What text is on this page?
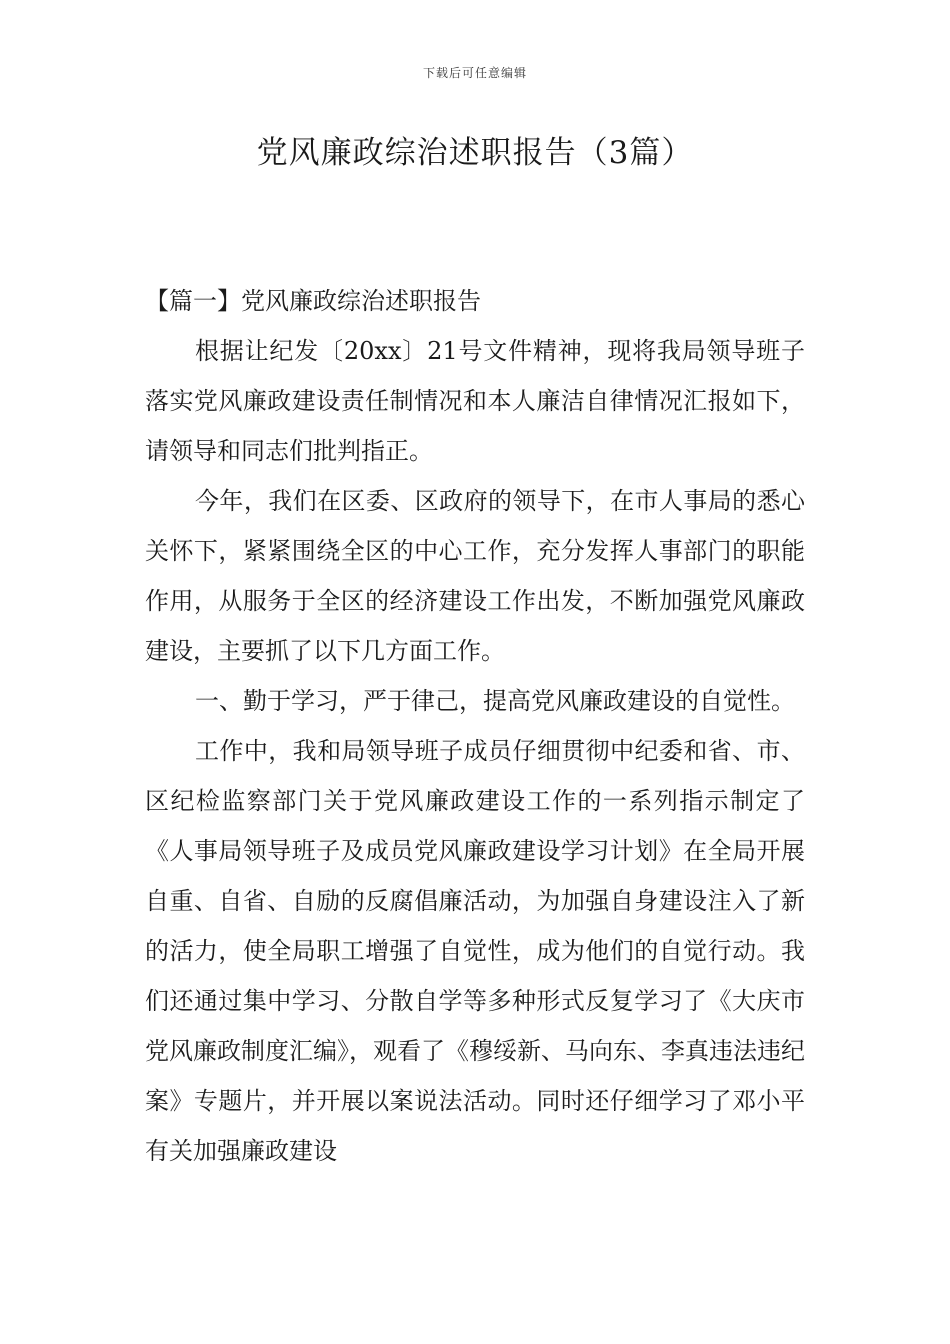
下载后可任意编辑
党风廉政综治述职报告（3篇）

【篇一】党风廉政综治述职报告

根据让纪发〔20xx〕21号文件精神，现将我局领导班子落实党风廉政建设责任制情况和本人廉洁自律情况汇报如下，请领导和同志们批判指正。

今年，我们在区委、区政府的领导下，在市人事局的悉心关怀下，紧紧围绕全区的中心工作，充分发挥人事部门的职能作用，从服务于全区的经济建设工作出发，不断加强党风廉政建设，主要抓了以下几方面工作。

一、勤于学习，严于律己，提高党风廉政建设的自觉性。

工作中，我和局领导班子成员仔细贯彻中纪委和省、市、区纪检监察部门关于党风廉政建设工作的一系列指示制定了《人事局领导班子及成员党风廉政建设学习计划》在全局开展自重、自省、自励的反腐倡廉活动，为加强自身建设注入了新的活力，使全局职工增强了自觉性，成为他们的自觉行动。我们还通过集中学习、分散自学等多种形式反复学习了《大庆市党风廉政制度汇编》，观看了《穆绥新、马向东、李真违法违纪案》专题片，并开展以案说法活动。同时还仔细学习了邓小平有关加强廉政建设
